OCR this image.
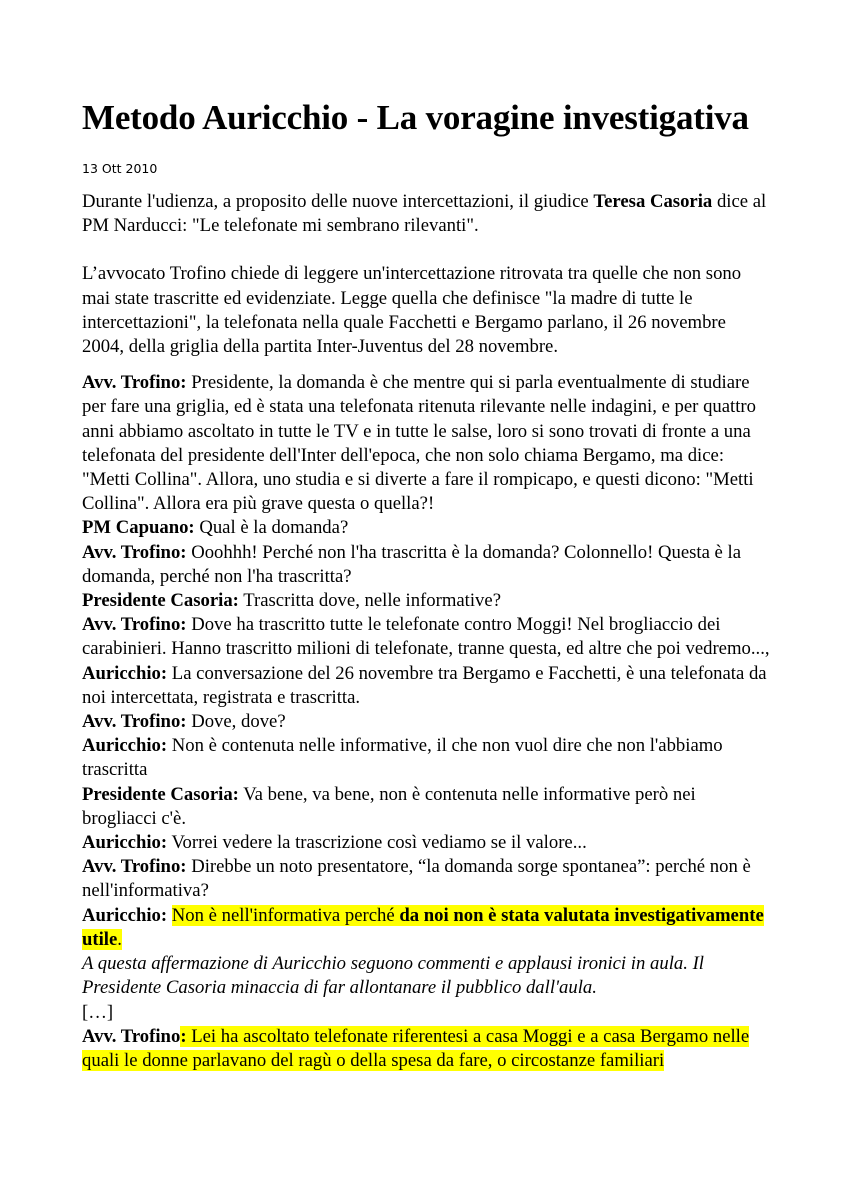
Metodo Auricchio - La voragine investigativa
13 Ott 2010

Durante l'udienza, a proposito delle nuove intercettazioni, il giudice Teresa Casoria dice al PM Narducci: "Le telefonate mi sembrano rilevanti".

L’avvocato Trofino chiede di leggere un'intercettazione ritrovata tra quelle che non sono mai state trascritte ed evidenziate. Legge quella che definisce "la madre di tutte le intercettazioni", la telefonata nella quale Facchetti e Bergamo parlano, il 26 novembre 2004, della griglia della partita Inter-Juventus del 28 novembre.

Avv. Trofino: Presidente, la domanda è che mentre qui si parla eventualmente di studiare per fare una griglia, ed è stata una telefonata ritenuta rilevante nelle indagini, e per quattro anni abbiamo ascoltato in tutte le TV e in tutte le salse, loro si sono trovati di fronte a una telefonata del presidente dell'Inter dell'epoca, che non solo chiama Bergamo, ma dice: "Metti Collina". Allora, uno studia e si diverte a fare il rompicapo, e questi dicono: "Metti Collina". Allora era più grave questa o quella?!

PM Capuano: Qual è la domanda?

Avv. Trofino: Ooohhh! Perché non l'ha trascritta è la domanda? Colonnello! Questa è la domanda, perché non l'ha trascritta?

Presidente Casoria: Trascritta dove, nelle informative?

Avv. Trofino: Dove ha trascritto tutte le telefonate contro Moggi! Nel brogliaccio dei carabinieri. Hanno trascritto milioni di telefonate, tranne questa, ed altre che poi vedremo...,

Auricchio: La conversazione del 26 novembre tra Bergamo e Facchetti, è una telefonata da noi intercettata, registrata e trascritta.

Avv. Trofino: Dove, dove?

Auricchio: Non è contenuta nelle informative, il che non vuol dire che non l'abbiamo trascritta

Presidente Casoria: Va bene, va bene, non è contenuta nelle informative però nei brogliacci c'è.

Auricchio: Vorrei vedere la trascrizione così vediamo se il valore...

Avv. Trofino: Direbbe un noto presentatore, “la domanda sorge spontanea”: perché non è nell'informativa?

Auricchio: Non è nell'informativa perché da noi non è stata valutata investigativamente utile.

A questa affermazione di Auricchio seguono commenti e applausi ironici in aula. Il Presidente Casoria minaccia di far allontanare il pubblico dall'aula.

[…]

Avv. Trofino: Lei ha ascoltato telefonate riferentesi a casa Moggi e a casa Bergamo nelle quali le donne parlavano del ragù o della spesa da fare, o circostanze familiari
